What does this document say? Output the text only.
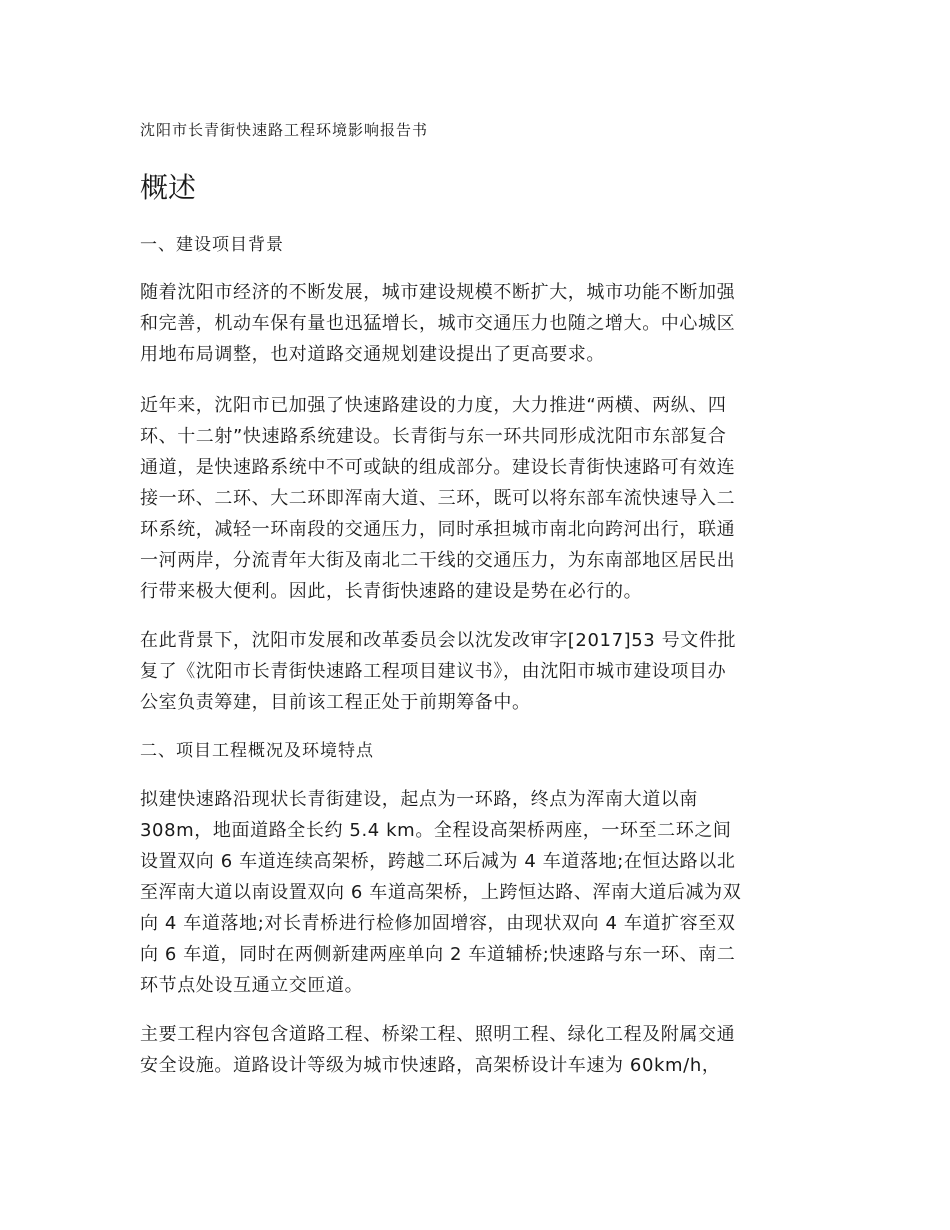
沈阳市长青街快速路工程环境影响报告书
概述
一、建设项目背景
随着沈阳市经济的不断发展，城市建设规模不断扩大，城市功能不断加强
和完善，机动车保有量也迅猛增长，城市交通压力也随之增大。中心城区
用地布局调整，也对道路交通规划建设提出了更高要求。
近年来，沈阳市已加强了快速路建设的力度，大力推进“两横、两纵、四
环、十二射”快速路系统建设。长青街与东一环共同形成沈阳市东部复合
通道，是快速路系统中不可或缺的组成部分。建设长青街快速路可有效连
接一环、二环、大二环即浑南大道、三环，既可以将东部车流快速导入二
环系统，减轻一环南段的交通压力，同时承担城市南北向跨河出行，联通
一河两岸，分流青年大街及南北二干线的交通压力，为东南部地区居民出
行带来极大便利。因此，长青街快速路的建设是势在必行的。
在此背景下，沈阳市发展和改革委员会以沈发改审字[2017]53 号文件批
复了《沈阳市长青街快速路工程项目建议书》，由沈阳市城市建设项目办
公室负责筹建，目前该工程正处于前期筹备中。
二、项目工程概况及环境特点
拟建快速路沿现状长青街建设，起点为一环路，终点为浑南大道以南
308m，地面道路全长约 5.4 km。全程设高架桥两座，一环至二环之间
设置双向 6 车道连续高架桥，跨越二环后减为 4 车道落地;在恒达路以北
至浑南大道以南设置双向 6 车道高架桥，上跨恒达路、浑南大道后减为双
向 4 车道落地;对长青桥进行检修加固增容，由现状双向 4 车道扩容至双
向 6 车道，同时在两侧新建两座单向 2 车道辅桥;快速路与东一环、南二
环节点处设互通立交匝道。
主要工程内容包含道路工程、桥梁工程、照明工程、绿化工程及附属交通
安全设施。道路设计等级为城市快速路，高架桥设计车速为 60km/h，
